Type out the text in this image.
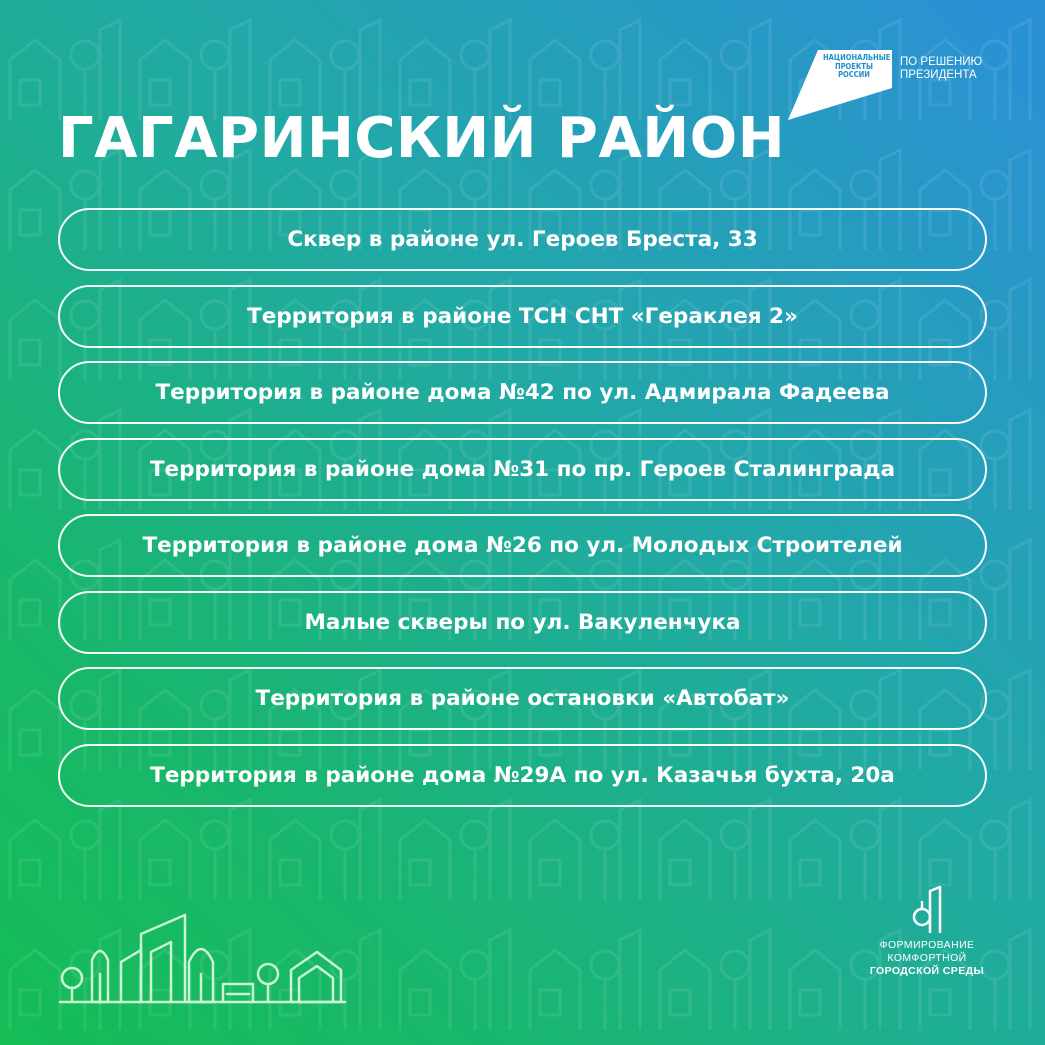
НАЦИОНАЛЬНЫЕ
ПРОЕКТЫ
РОССИИ
ПО РЕШЕНИЮ
ПРЕЗИДЕНТА
ГАГАРИНСКИЙ РАЙОН
Сквер в районе ул. Героев Бреста, 33
Территория в районе ТСН СНТ «Гераклея 2»
Территория в районе дома №42 по ул. Адмирала Фадеева
Территория в районе дома №31 по пр. Героев Сталинграда
Территория в районе дома №26 по ул. Молодых Строителей
Малые скверы по ул. Вакуленчука
Территория в районе остановки «Автобат»
Территория в районе дома №29А по ул. Казачья бухта, 20а
ФОРМИРОВАНИЕ
КОМФОРТНОЙ
ГОРОДСКОЙ СРЕДЫ
